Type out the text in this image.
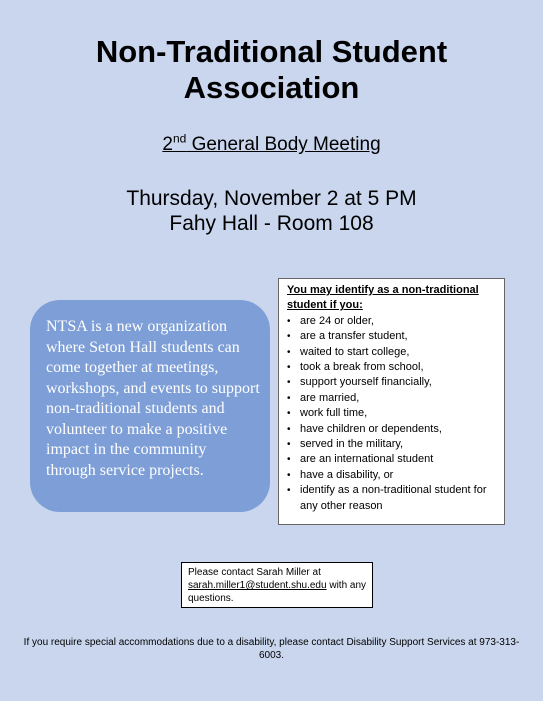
Non-Traditional Student
Association
2nd General Body Meeting
Thursday, November 2 at 5 PM
Fahy Hall - Room 108
NTSA is a new organization where Seton Hall students can come together at meetings, workshops, and events to support non-traditional students and volunteer to make a positive impact in the community through service projects.
You may identify as a non-traditional student if you:
• are 24 or older,
• are a transfer student,
• waited to start college,
• took a break from school,
• support yourself financially,
• are married,
• work full time,
• have children or dependents,
• served in the military,
• are an international student
• have a disability, or
• identify as a non-traditional student for any other reason
Please contact Sarah Miller at
sarah.miller1@student.shu.edu with any questions.
If you require special accommodations due to a disability, please contact Disability Support Services at 973-313-6003.
